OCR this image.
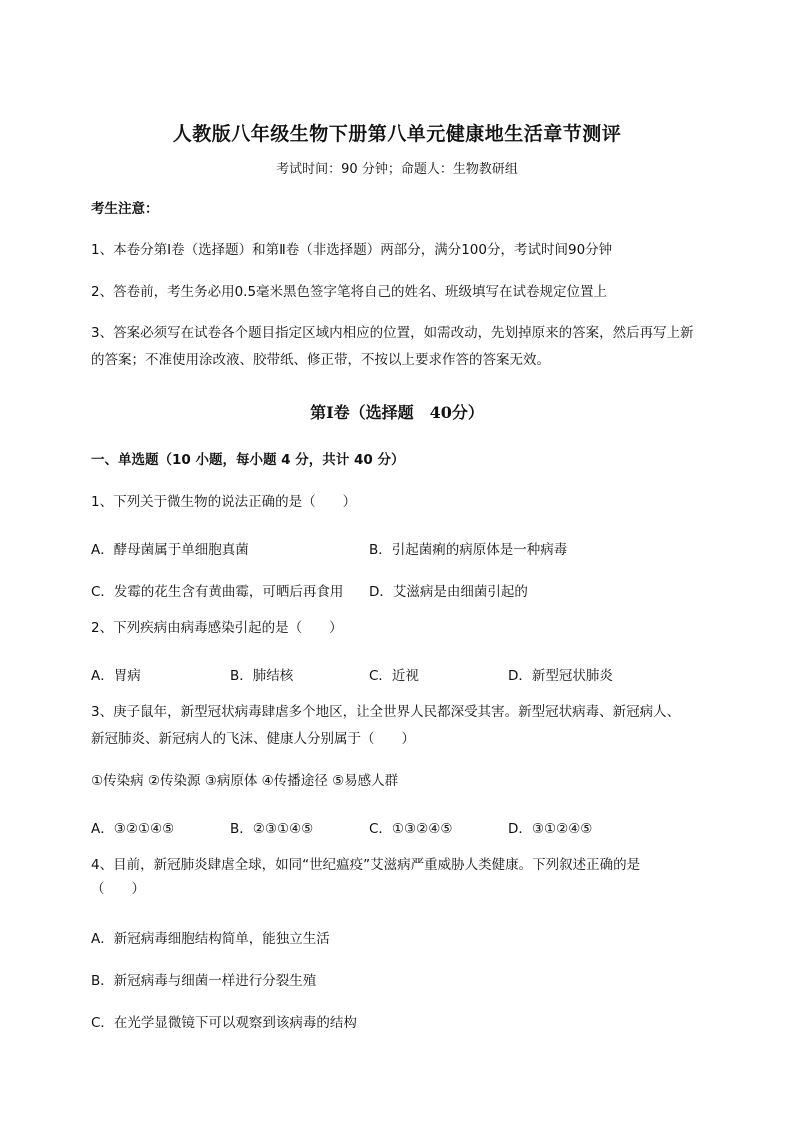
人教版八年级生物下册第八单元健康地生活章节测评
考试时间：90 分钟；命题人：生物教研组
考生注意：
1、本卷分第Ⅰ卷（选择题）和第Ⅱ卷（非选择题）两部分，满分100分，考试时间90分钟
2、答卷前，考生务必用0.5毫米黑色签字笔将自己的姓名、班级填写在试卷规定位置上
3、答案必须写在试卷各个题目指定区域内相应的位置，如需改动，先划掉原来的答案，然后再写上新
的答案；不准使用涂改液、胶带纸、修正带，不按以上要求作答的答案无效。
第Ⅰ卷（选择题　40分）
一、单选题（10 小题，每小题 4 分，共计 40 分）
1、下列关于微生物的说法正确的是（　　）
A．酵母菌属于单细胞真菌	B．引起菌痢的病原体是一种病毒
C．发霉的花生含有黄曲霉，可晒后再食用 D．艾滋病是由细菌引起的
2、下列疾病由病毒感染引起的是（　　）
A．胃病	B．肺结核	C．近视	D．新型冠状肺炎
3、庚子鼠年，新型冠状病毒肆虐多个地区，让全世界人民都深受其害。新型冠状病毒、新冠病人、
新冠肺炎、新冠病人的飞沫、健康人分别属于（　　）
①传染病 ②传染源 ③病原体 ④传播途径 ⑤易感人群
A．③②①④⑤	B．②③①④⑤	C．①③②④⑤	D．③①②④⑤
4、目前，新冠肺炎肆虐全球，如同“世纪瘟疫”艾滋病严重威胁人类健康。下列叙述正确的是
（　　）
A．新冠病毒细胞结构简单，能独立生活
B．新冠病毒与细菌一样进行分裂生殖
C．在光学显微镜下可以观察到该病毒的结构
